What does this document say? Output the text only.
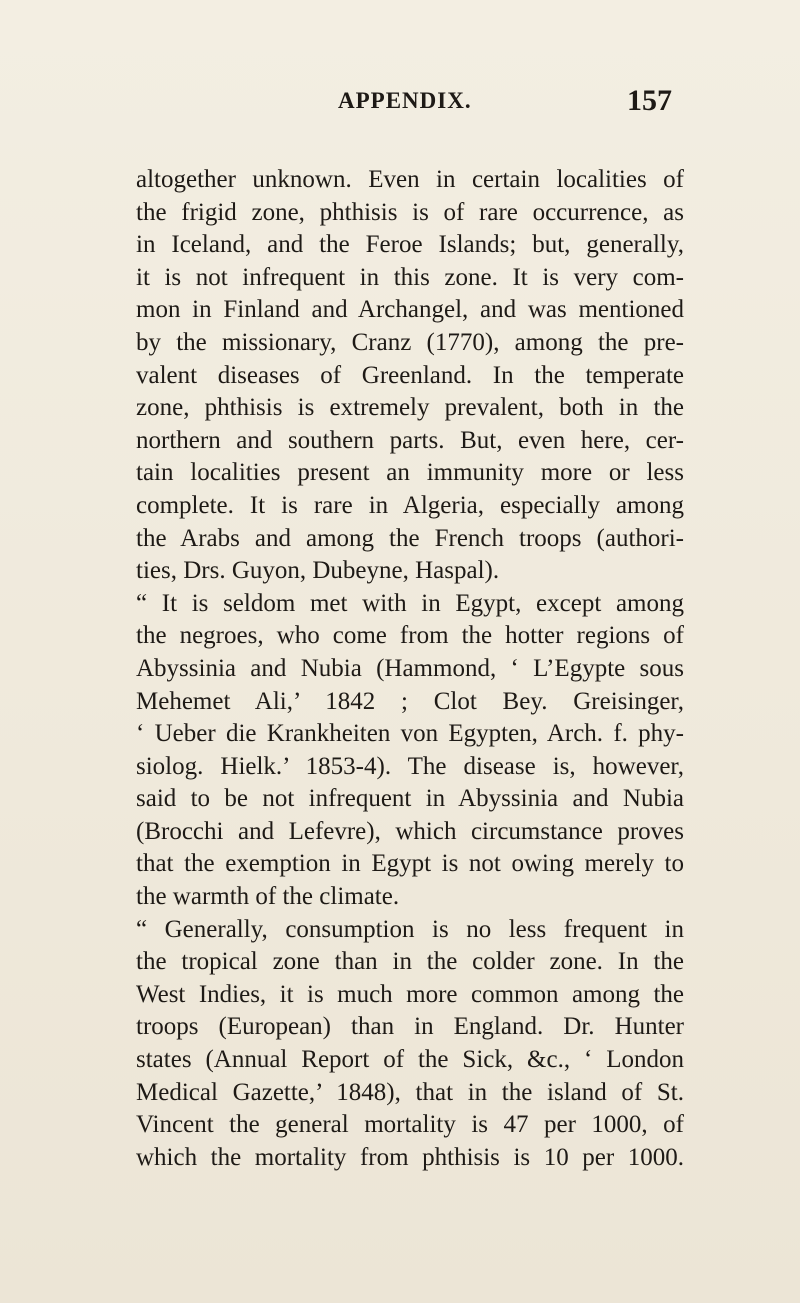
APPENDIX.	157
altogether unknown. Even in certain localities of
the frigid zone, phthisis is of rare occurrence, as
in Iceland, and the Feroe Islands; but, generally,
it is not infrequent in this zone. It is very com-
mon in Finland and Archangel, and was mentioned
by the missionary, Cranz (1770), among the pre-
valent diseases of Greenland. In the temperate
zone, phthisis is extremely prevalent, both in the
northern and southern parts. But, even here, cer-
tain localities present an immunity more or less
complete. It is rare in Algeria, especially among
the Arabs and among the French troops (authori-
ties, Drs. Guyon, Dubeyne, Haspal).
“ It is seldom met with in Egypt, except among
the negroes, who come from the hotter regions of
Abyssinia and Nubia (Hammond, ‘ L’Egypte sous
Mehemet Ali,’ 1842 ; Clot Bey. Greisinger,
‘ Ueber die Krankheiten von Egypten, Arch. f. phy-
siolog. Hielk.’ 1853-4). The disease is, however,
said to be not infrequent in Abyssinia and Nubia
(Brocchi and Lefevre), which circumstance proves
that the exemption in Egypt is not owing merely to
the warmth of the climate.
“ Generally, consumption is no less frequent in
the tropical zone than in the colder zone. In the
West Indies, it is much more common among the
troops (European) than in England. Dr. Hunter
states (Annual Report of the Sick, &c., ‘ London
Medical Gazette,’ 1848), that in the island of St.
Vincent the general mortality is 47 per 1000, of
which the mortality from phthisis is 10 per 1000.
